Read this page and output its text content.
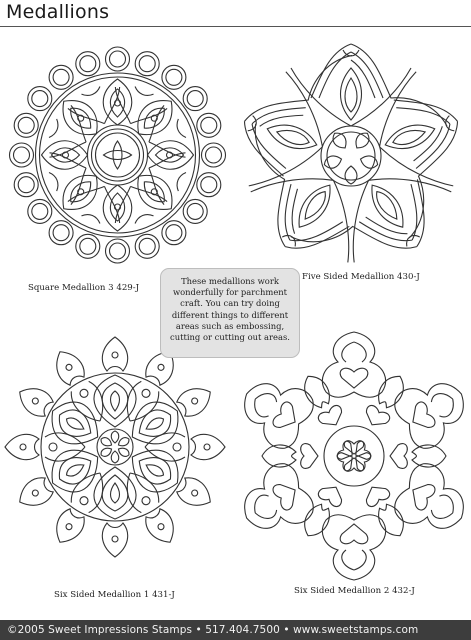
Medallions
Square Medallion 3 429-J
Five Sided Medallion 430-J
Six Sided Medallion 1 431-J	Six Sided Medallion 2 432-J
These medallions work wonderfully for parchment craft. You can try doing different things to different areas such as embossing, cutting or cutting out areas.
©2005 Sweet Impressions Stamps • 517.404.7500 • www.sweetstamps.com
